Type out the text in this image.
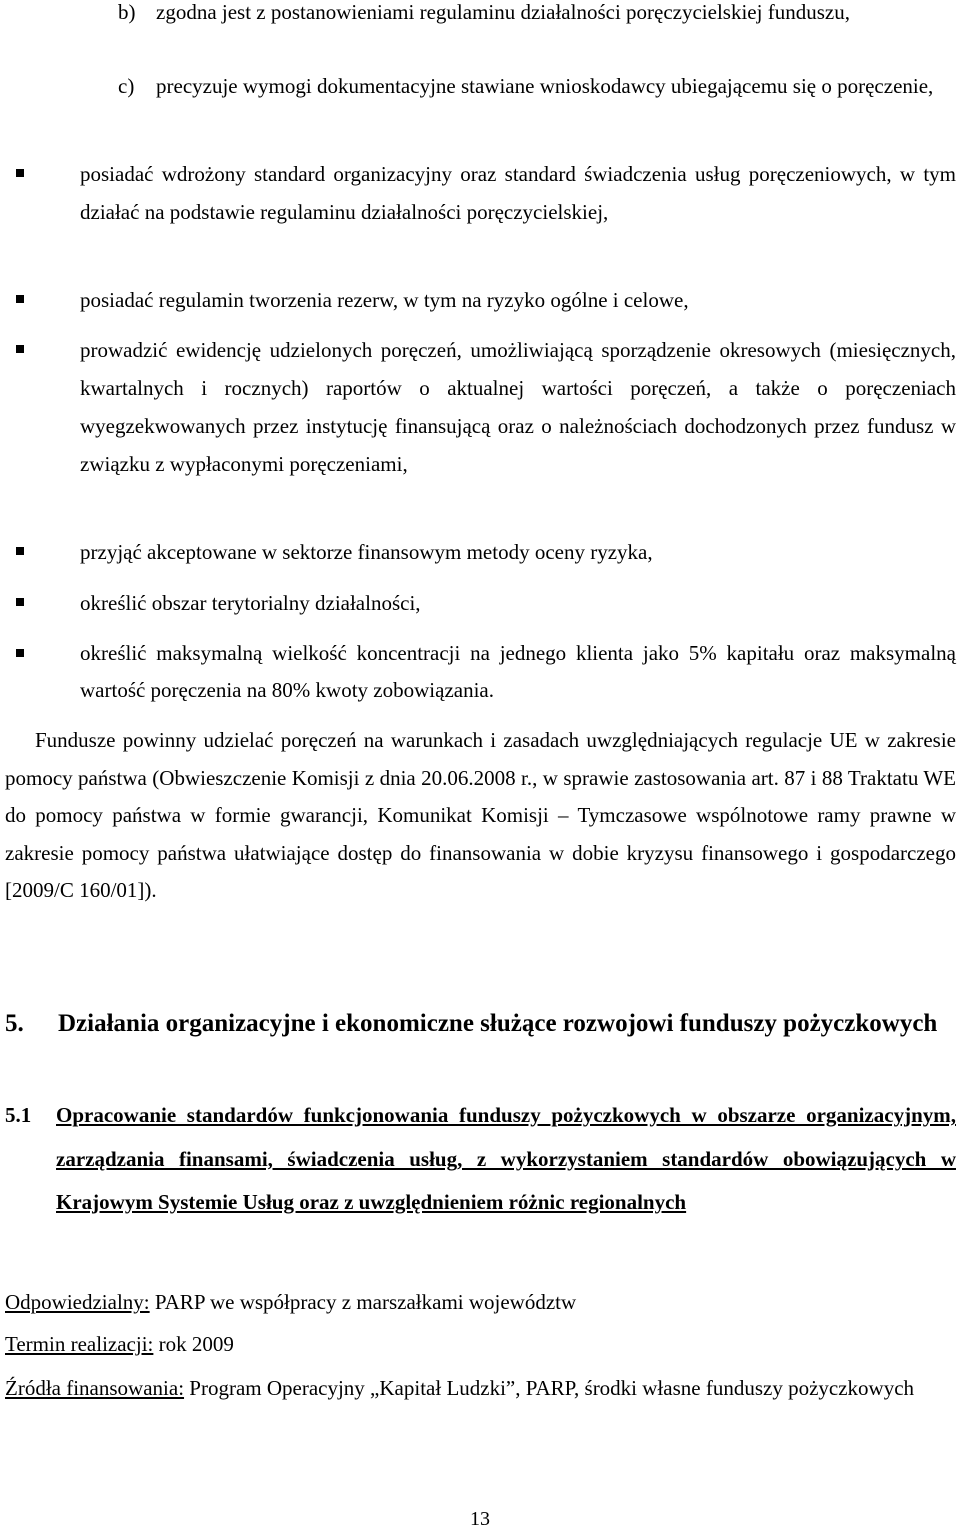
b) zgodna jest z postanowieniami regulaminu działalności poręczycielskiej funduszu,
c) precyzuje wymogi dokumentacyjne stawiane wnioskodawcy ubiegającemu się o poręczenie,
posiadać wdrożony standard organizacyjny oraz standard świadczenia usług poręczeniowych, w tym działać na podstawie regulaminu działalności poręczycielskiej,
posiadać regulamin tworzenia rezerw, w tym na ryzyko ogólne i celowe,
prowadzić ewidencję udzielonych poręczeń, umożliwiającą sporządzenie okresowych (miesięcznych, kwartalnych i rocznych) raportów o aktualnej wartości poręczeń, a także o poręczeniach wyegzekwowanych przez instytucję finansującą oraz o należnościach dochodzonych przez fundusz w związku z wypłaconymi poręczeniami,
przyjąć akceptowane w sektorze finansowym metody oceny ryzyka,
określić obszar terytorialny działalności,
określić maksymalną wielkość koncentracji na jednego klienta jako 5% kapitału oraz maksymalną wartość poręczenia na 80% kwoty zobowiązania.
Fundusze powinny udzielać poręczeń na warunkach i zasadach uwzględniających regulacje UE w zakresie pomocy państwa (Obwieszczenie Komisji z dnia 20.06.2008 r., w sprawie zastosowania art. 87 i 88 Traktatu WE do pomocy państwa w formie gwarancji, Komunikat Komisji – Tymczasowe wspólnotowe ramy prawne w zakresie pomocy państwa ułatwiające dostęp do finansowania w dobie kryzysu finansowego i gospodarczego [2009/C 160/01]).
5. Działania organizacyjne i ekonomiczne służące rozwojowi funduszy pożyczkowych
5.1 Opracowanie standardów funkcjonowania funduszy pożyczkowych w obszarze organizacyjnym, zarządzania finansami, świadczenia usług, z wykorzystaniem standardów obowiązujących w Krajowym Systemie Usług oraz z uwzględnieniem różnic regionalnych
Odpowiedzialny: PARP we współpracy z marszałkami województw
Termin realizacji: rok 2009
Źródła finansowania: Program Operacyjny „Kapitał Ludzki”, PARP, środki własne funduszy pożyczkowych
13
